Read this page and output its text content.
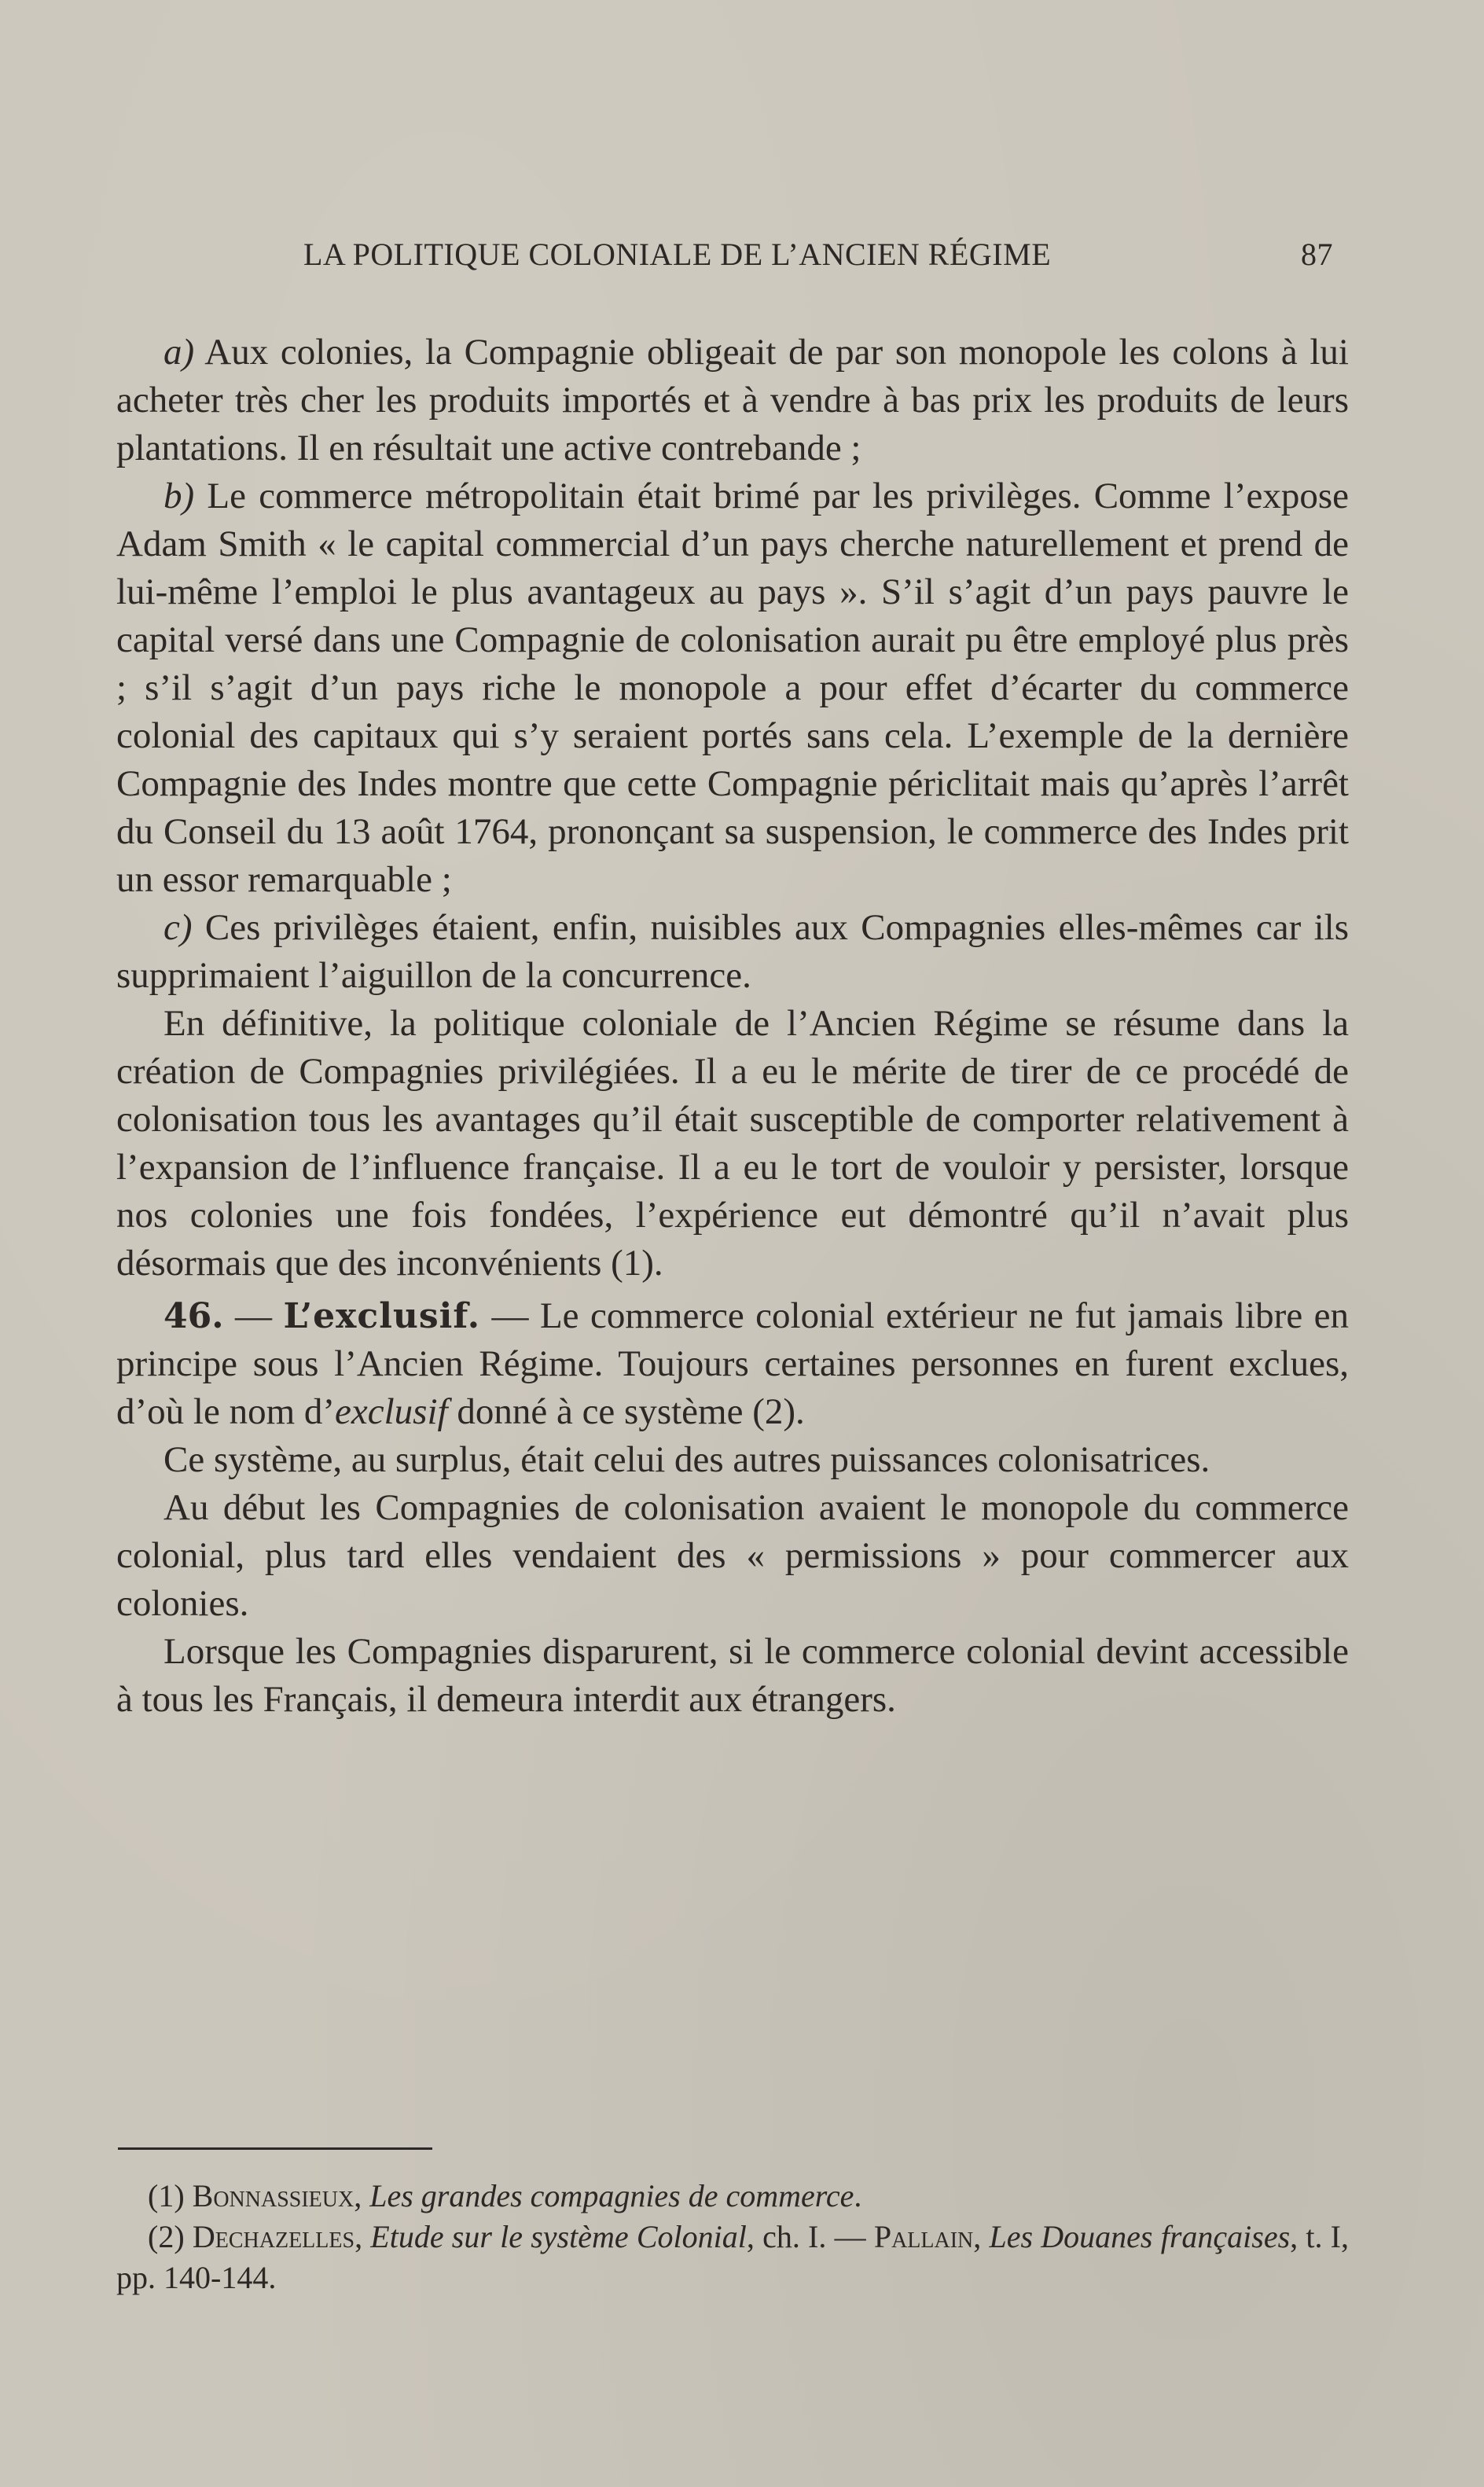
LA POLITIQUE COLONIALE DE L’ANCIEN RÉGIME	87

a) Aux colonies, la Compagnie obligeait de par son monopole les colons à lui acheter très cher les produits importés et à vendre à bas prix les produits de leurs plantations. Il en résultait une active contrebande ;

b) Le commerce métropolitain était brimé par les privilèges. Comme l’expose Adam Smith « le capital commercial d’un pays cherche naturellement et prend de lui-même l’emploi le plus avantageux au pays ». S’il s’agit d’un pays pauvre le capital versé dans une Compagnie de colonisation aurait pu être employé plus près ; s’il s’agit d’un pays riche le monopole a pour effet d’écarter du commerce colonial des capitaux qui s’y seraient portés sans cela. L’exemple de la dernière Compagnie des Indes montre que cette Compagnie périclitait mais qu’après l’arrêt du Conseil du 13 août 1764, prononçant sa suspension, le commerce des Indes prit un essor remarquable ;

c) Ces privilèges étaient, enfin, nuisibles aux Compagnies elles-mêmes car ils supprimaient l’aiguillon de la concurrence.

En définitive, la politique coloniale de l’Ancien Régime se résume dans la création de Compagnies privilégiées. Il a eu le mérite de tirer de ce procédé de colonisation tous les avantages qu’il était susceptible de comporter relativement à l’expansion de l’influence française. Il a eu le tort de vouloir y persister, lorsque nos colonies une fois fondées, l’expérience eut démontré qu’il n’avait plus désormais que des inconvénients (1).

46. — L’exclusif. — Le commerce colonial extérieur ne fut jamais libre en principe sous l’Ancien Régime. Toujours certaines personnes en furent exclues, d’où le nom d’exclusif donné à ce système (2).

Ce système, au surplus, était celui des autres puissances colonisatrices.

Au début les Compagnies de colonisation avaient le monopole du commerce colonial, plus tard elles vendaient des « permissions » pour commercer aux colonies.

Lorsque les Compagnies disparurent, si le commerce colonial devint accessible à tous les Français, il demeura interdit aux étrangers.

(1) Bonnassieux, Les grandes compagnies de commerce.

(2) Dechazelles, Etude sur le système Colonial, ch. I. — Pallain, Les Douanes françaises, t. I, pp. 140-144.
